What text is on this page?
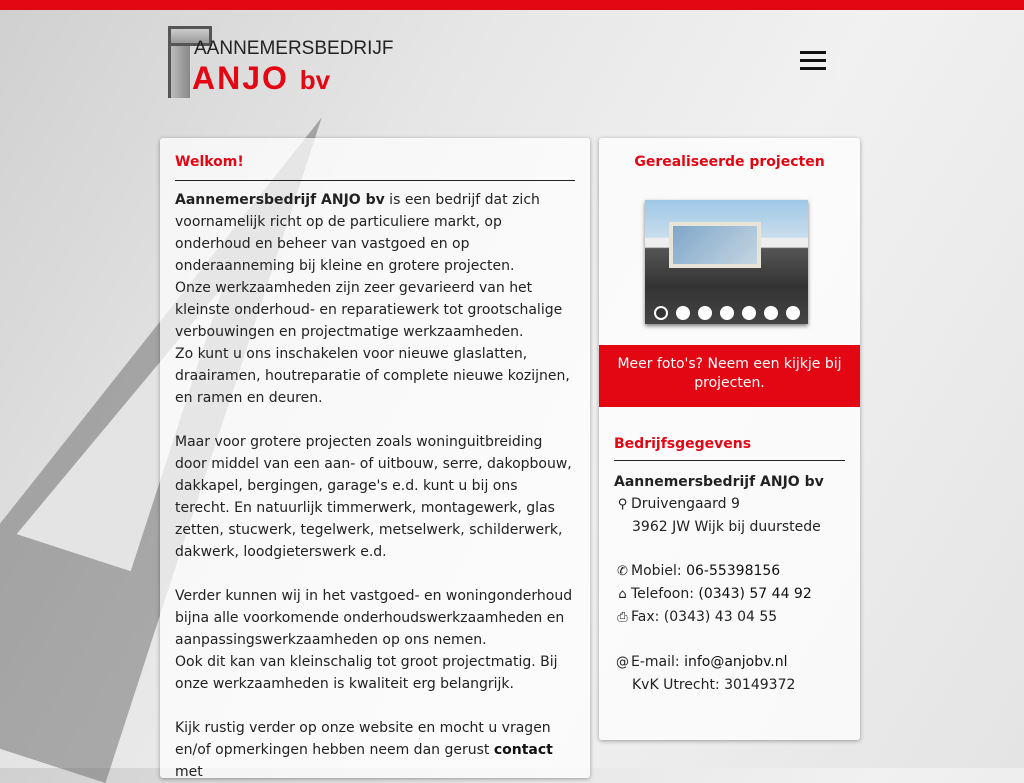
AANNEMERSBEDRIJF
ANJO bv
Welkom!

Aannemersbedrijf ANJO bv is een bedrijf dat zich voornamelijk richt op de particuliere markt, op onderhoud en beheer van vastgoed en op onderaanneming bij kleine en grotere projecten.
Onze werkzaamheden zijn zeer gevarieerd van het kleinste onderhoud- en reparatiewerk tot grootschalige verbouwingen en projectmatige werkzaamheden.
Zo kunt u ons inschakelen voor nieuwe glaslatten, draairamen, houtreparatie of complete nieuwe kozijnen, en ramen en deuren.

Maar voor grotere projecten zoals woninguitbreiding door middel van een aan- of uitbouw, serre, dakopbouw, dakkapel, bergingen, garage's e.d. kunt u bij ons terecht. En natuurlijk timmerwerk, montagewerk, glas zetten, stucwerk, tegelwerk, metselwerk, schilderwerk, dakwerk, loodgieterswerk e.d.

Verder kunnen wij in het vastgoed- en woningonderhoud bijna alle voorkomende onderhoudswerkzaamheden en aanpassingswerkzaamheden op ons nemen.
Ook dit kan van kleinschalig tot groot projectmatig. Bij onze werkzaamheden is kwaliteit erg belangrijk.

Kijk rustig verder op onze website en mocht u vragen en/of opmerkingen hebben neem dan gerust contact met

Gerealiseerde projecten
Meer foto's? Neem een kijkje bij projecten.
Bedrijfsgegevens
Aannemersbedrijf ANJO bv
⚲ Druivengaard 9
3962 JW Wijk bij duurstede
✆ Mobiel: 06-55398156
⌂ Telefoon: (0343) 57 44 92
⎙ Fax: (0343) 43 04 55
@ E-mail: info@anjobv.nl
KvK Utrecht: 30149372
